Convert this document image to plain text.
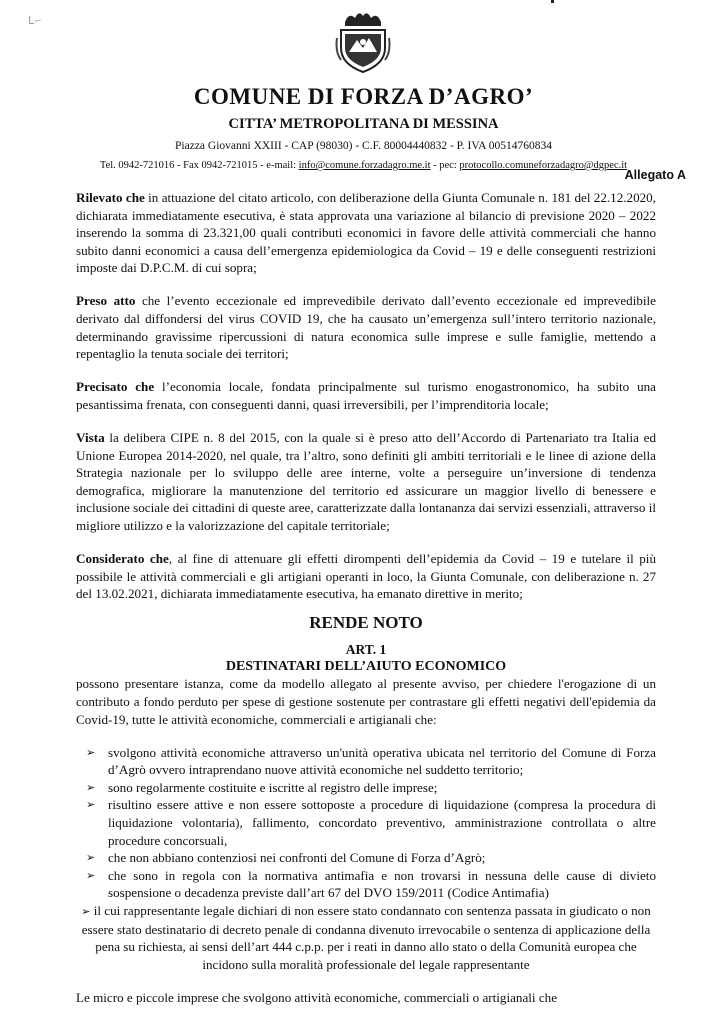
ᒪ⌐
COMUNE DI FORZA D’AGRO’
CITTA’ METROPOLITANA DI MESSINA
Piazza Giovanni XXIII - CAP (98030) - C.F. 80004440832 - P. IVA 00514760834
Tel. 0942-721016 - Fax 0942-721015 - e-mail: info@comune.forzadagro.me.it - pec: protocollo.comuneforzadagro@dgpec.it
Allegato A

Rilevato che in attuazione del citato articolo, con deliberazione della Giunta Comunale n. 181 del 22.12.2020, dichiarata immediatamente esecutiva, è stata approvata una variazione al bilancio di previsione 2020 – 2022 inserendo la somma di 23.321,00 quali contributi economici in favore delle attività commerciali che hanno subito danni economici a causa dell’emergenza epidemiologica da Covid – 19 e delle conseguenti restrizioni imposte dai D.P.C.M. di cui sopra;

Preso atto che l’evento eccezionale ed imprevedibile derivato dall’evento eccezionale ed imprevedibile derivato dal diffondersi del virus COVID 19, che ha causato un’emergenza sull’intero territorio nazionale, determinando gravissime ripercussioni di natura economica sulle imprese e sulle famiglie, mettendo a repentaglio la tenuta sociale dei territori;

Precisato che l’economia locale, fondata principalmente sul turismo enogastronomico, ha subito una pesantissima frenata, con conseguenti danni, quasi irreversibili, per l’imprenditoria locale;

Vista la delibera CIPE n. 8 del 2015, con la quale si è preso atto dell’Accordo di Partenariato tra Italia ed Unione Europea 2014-2020, nel quale, tra l’altro, sono definiti gli ambiti territoriali e le linee di azione della Strategia nazionale per lo sviluppo delle aree interne, volte a perseguire un’inversione di tendenza demografica, migliorare la manutenzione del territorio ed assicurare un maggior livello di benessere e inclusione sociale dei cittadini di queste aree, caratterizzate dalla lontananza dai servizi essenziali, attraverso il migliore utilizzo e la valorizzazione del capitale territoriale;

Considerato che, al fine di attenuare gli effetti dirompenti dell’epidemia da Covid – 19 e tutelare il più possibile le attività commerciali e gli artigiani operanti in loco, la Giunta Comunale, con deliberazione n. 27 del 13.02.2021, dichiarata immediatamente esecutiva, ha emanato direttive in merito;

RENDE NOTO
ART. 1
DESTINATARI DELL’AIUTO ECONOMICO

possono presentare istanza, come da modello allegato al presente avviso, per chiedere l'erogazione di un contributo a fondo perduto per spese di gestione sostenute per contrastare gli effetti negativi dell'epidemia da Covid-19, tutte le attività economiche, commerciali e artigianali che:

➢ svolgono attività economiche attraverso un'unità operativa ubicata nel territorio del Comune di Forza d’Agrò ovvero intraprendano nuove attività economiche nel suddetto territorio;
➢ sono regolarmente costituite e iscritte al registro delle imprese;
➢ risultino essere attive e non essere sottoposte a procedure di liquidazione (compresa la procedura di liquidazione volontaria), fallimento, concordato preventivo, amministrazione controllata o altre procedure concorsuali,
➢ che non abbiano contenziosi nei confronti del Comune di Forza d’Agrò;
➢ che sono in regola con la normativa antimafia e non trovarsi in nessuna delle cause di divieto sospensione o decadenza previste dall’art 67 del DVO 159/2011 (Codice Antimafia)

➢ il cui rappresentante legale dichiari di non essere stato condannato con sentenza passata in giudicato o non essere stato destinatario di decreto penale di condanna divenuto irrevocabile o sentenza di applicazione della pena su richiesta, ai sensi dell’art 444 c.p.p. per i reati in danno allo stato o della Comunità europea che incidono sulla moralità professionale del legale rappresentante

Le micro e piccole imprese che svolgono attività economiche, commerciali o artigianali che
